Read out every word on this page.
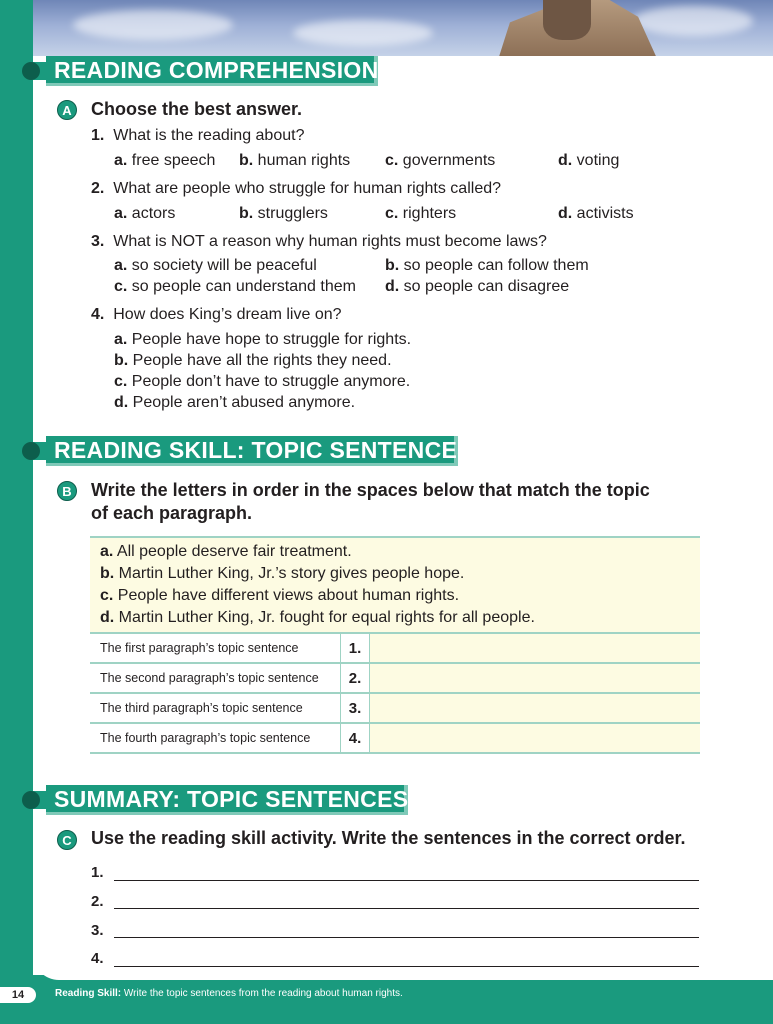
READING COMPREHENSION
A Choose the best answer.
1. What is the reading about?
a. free speech b. human rights c. governments	d. voting
2. What are people who struggle for human rights called?
a. actors	b. strugglers	c. righters	d. activists
3. What is NOT a reason why human rights must become laws?
a. so society will be peaceful	b. so people can follow them
c. so people can understand them d. so people can disagree
4. How does King’s dream live on?
a. People have hope to struggle for rights.
b. People have all the rights they need.
c. People don’t have to struggle anymore.
d. People aren’t abused anymore.
READING SKILL: TOPIC SENTENCES
B Write the letters in order in the spaces below that match the topic
of each paragraph.
a. All people deserve fair treatment.
b. Martin Luther King, Jr.’s story gives people hope.
c. People have different views about human rights.
d. Martin Luther King, Jr. fought for equal rights for all people.
The first paragraph’s topic sentence	1.	
The second paragraph’s topic sentence	2.	
The third paragraph’s topic sentence	3.	
The fourth paragraph’s topic sentence	4.	
SUMMARY: TOPIC SENTENCES
C Use the reading skill activity. Write the sentences in the correct order.
1.
2.
3.
4.
14	Reading Skill: Write the topic sentences from the reading about human rights.
